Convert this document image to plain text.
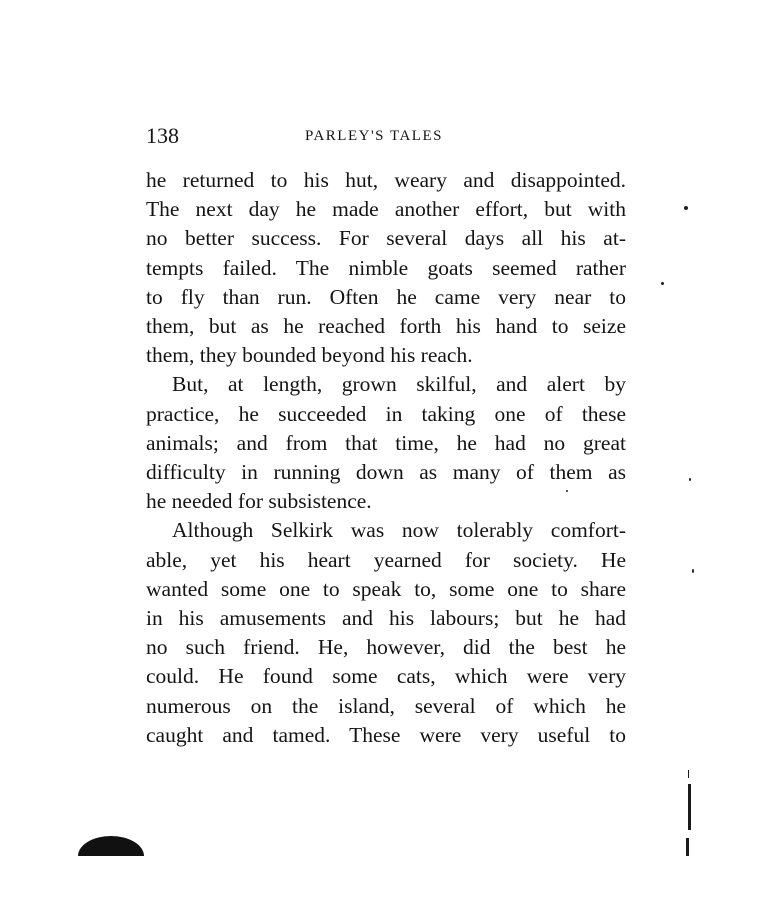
138	PARLEY'S TALES
he returned to his hut, weary and disappointed.
The next day he made another effort, but with
no better success. For several days all his at-
tempts failed. The nimble goats seemed rather
to fly than run. Often he came very near to
them, but as he reached forth his hand to seize
them, they bounded beyond his reach.
But, at length, grown skilful, and alert by
practice, he succeeded in taking one of these
animals; and from that time, he had no great
difficulty in running down as many of them as
he needed for subsistence.
Although Selkirk was now tolerably comfort-
able, yet his heart yearned for society. He
wanted some one to speak to, some one to share
in his amusements and his labours; but he had
no such friend. He, however, did the best he
could. He found some cats, which were very
numerous on the island, several of which he
caught and tamed. These were very useful to
